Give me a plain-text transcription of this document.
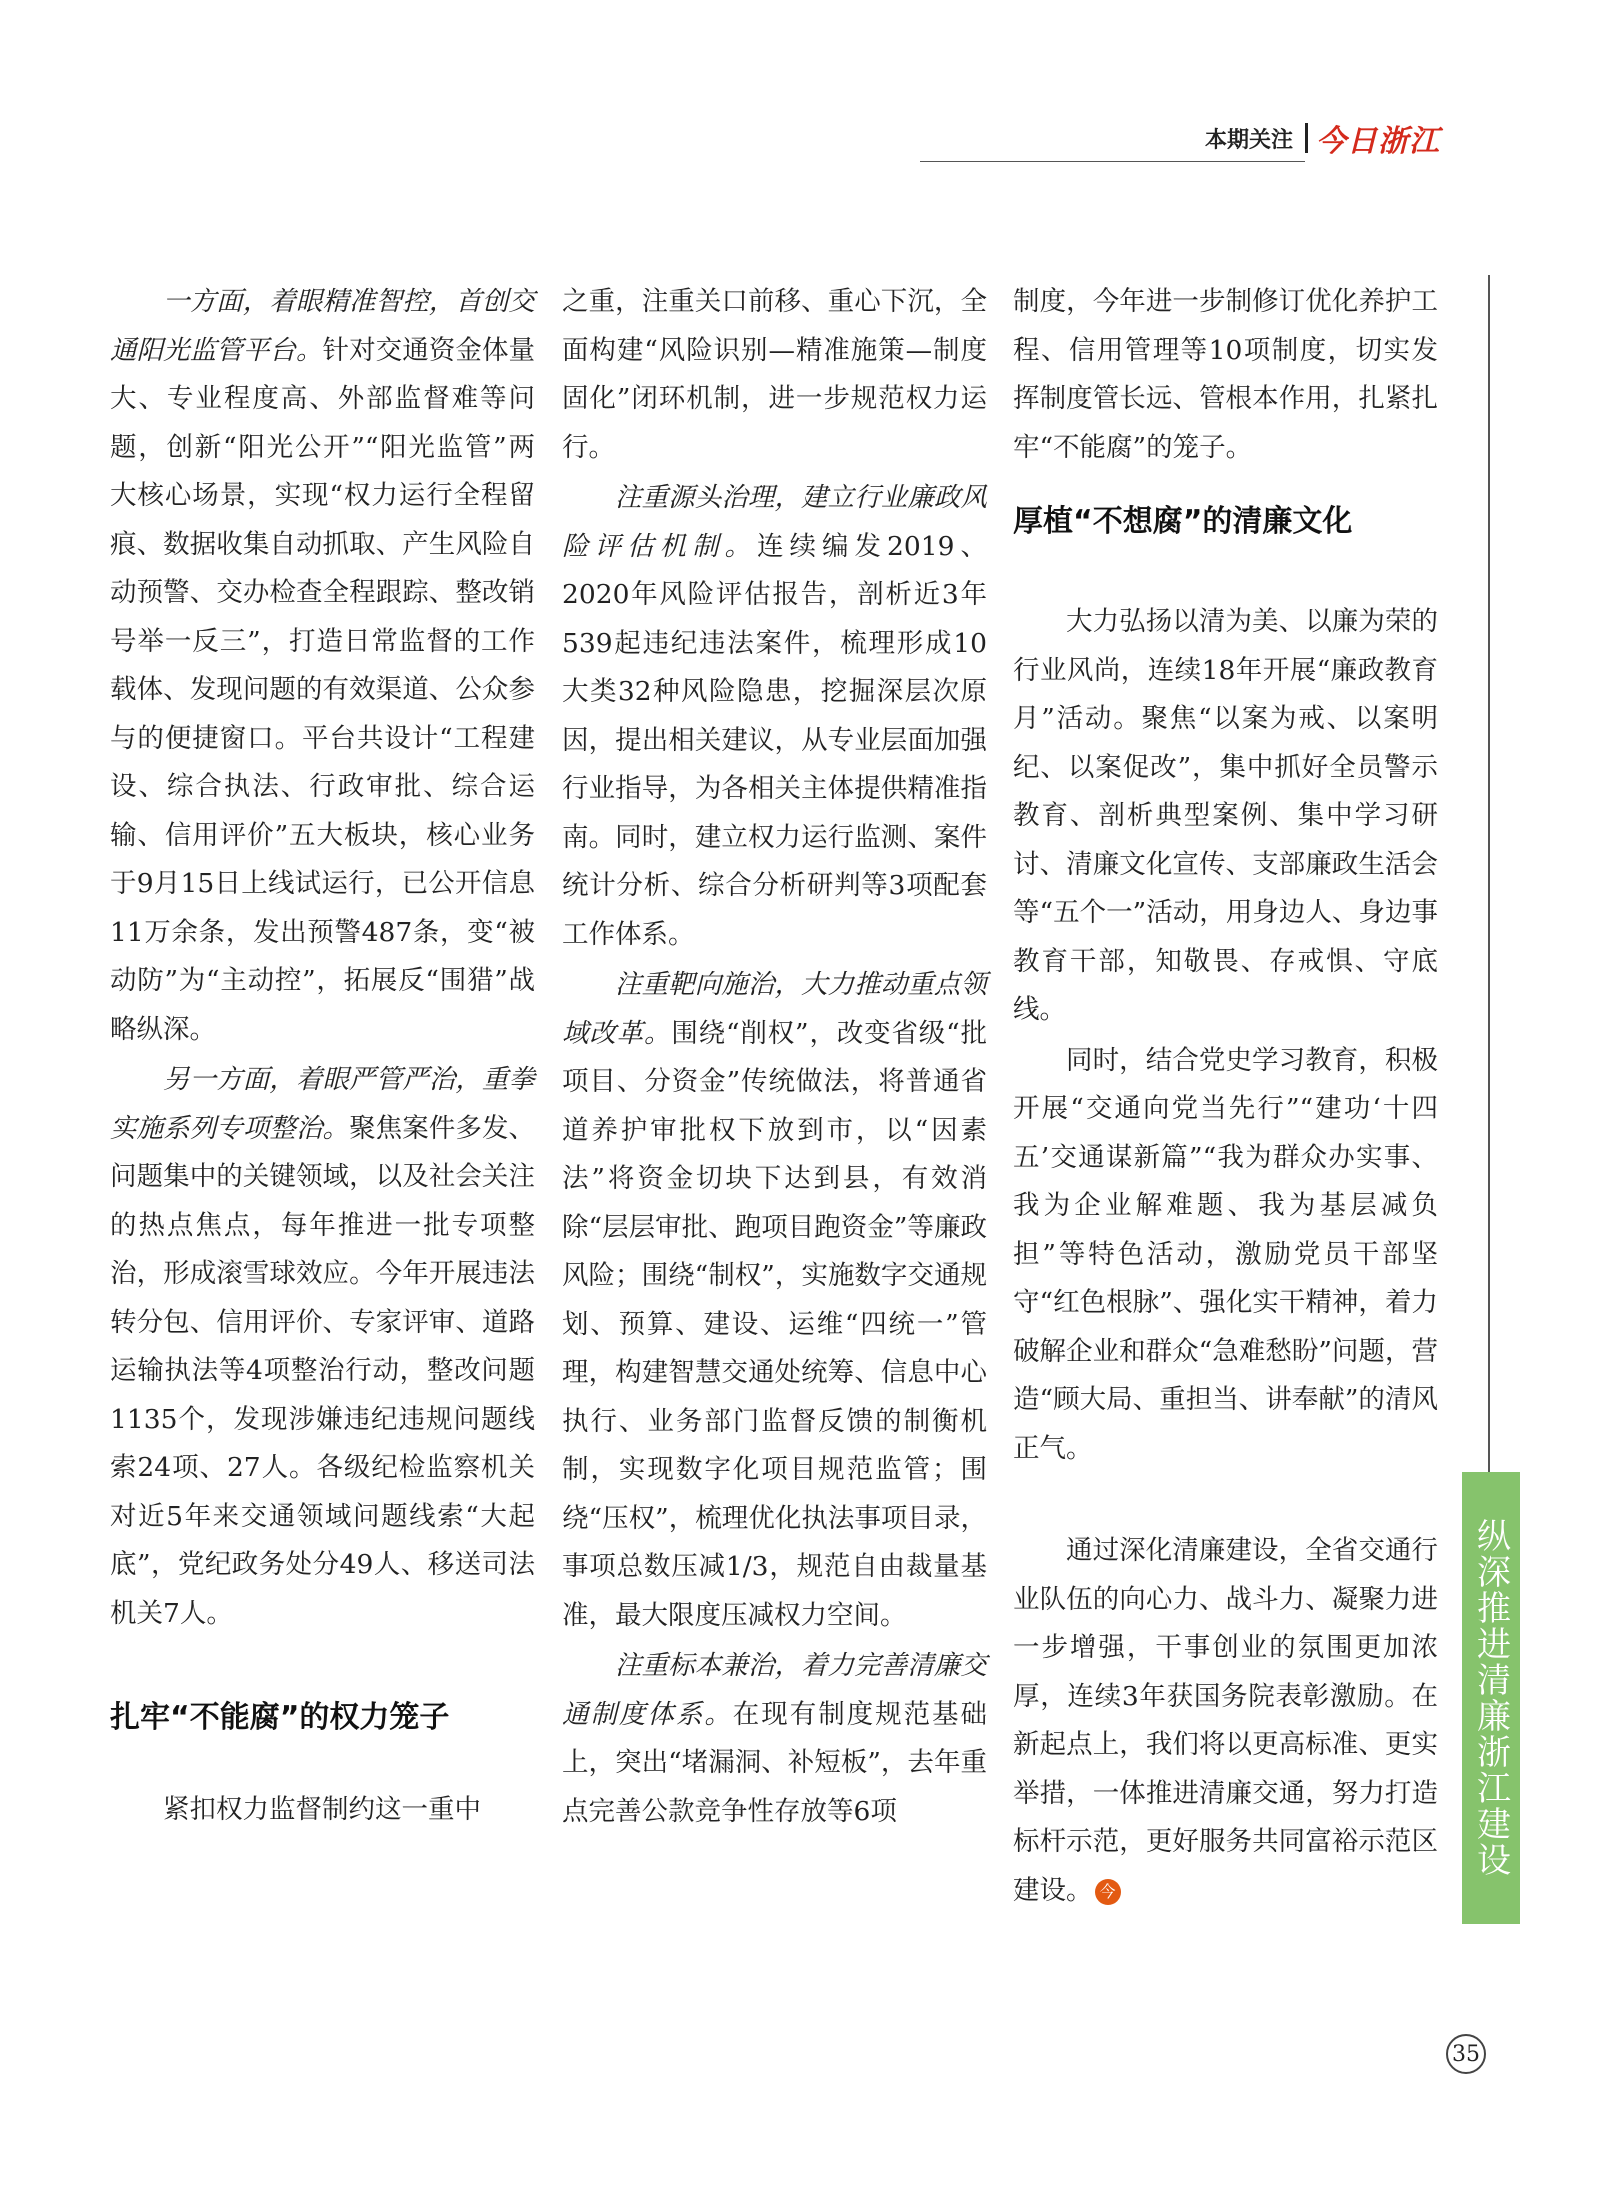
本期关注 今日浙江

一方面，着眼精准智控，首创交通阳光监管平台。针对交通资金体量大、专业程度高、外部监督难等问题，创新“阳光公开”“阳光监管”两大核心场景，实现“权力运行全程留痕、数据收集自动抓取、产生风险自动预警、交办检查全程跟踪、整改销号举一反三”，打造日常监督的工作载体、发现问题的有效渠道、公众参与的便捷窗口。平台共设计“工程建设、综合执法、行政审批、综合运输、信用评价”五大板块，核心业务于9月15日上线试运行，已公开信息11万余条，发出预警487条，变“被动防”为“主动控”，拓展反“围猎”战略纵深。

另一方面，着眼严管严治，重拳实施系列专项整治。聚焦案件多发、问题集中的关键领域，以及社会关注的热点焦点，每年推进一批专项整治，形成滚雪球效应。今年开展违法转分包、信用评价、专家评审、道路运输执法等4项整治行动，整改问题1135个，发现涉嫌违纪违规问题线索24项、27人。各级纪检监察机关对近5年来交通领域问题线索“大起底”，党纪政务处分49人、移送司法机关7人。

扎牢“不能腐”的权力笼子

紧扣权力监督制约这一重中

之重，注重关口前移、重心下沉，全面构建“风险识别—精准施策—制度固化”闭环机制，进一步规范权力运行。

注重源头治理，建立行业廉政风险评估机制。连续编发2019、2020年风险评估报告，剖析近3年539起违纪违法案件，梳理形成10大类32种风险隐患，挖掘深层次原因，提出相关建议，从专业层面加强行业指导，为各相关主体提供精准指南。同时，建立权力运行监测、案件统计分析、综合分析研判等3项配套工作体系。

注重靶向施治，大力推动重点领域改革。围绕“削权”，改变省级“批项目、分资金”传统做法，将普通省道养护审批权下放到市，以“因素法”将资金切块下达到县，有效消除“层层审批、跑项目跑资金”等廉政风险；围绕“制权”，实施数字交通规划、预算、建设、运维“四统一”管理，构建智慧交通处统筹、信息中心执行、业务部门监督反馈的制衡机制，实现数字化项目规范监管；围绕“压权”，梳理优化执法事项目录，事项总数压减1/3，规范自由裁量基准，最大限度压减权力空间。

注重标本兼治，着力完善清廉交通制度体系。在现有制度规范基础上，突出“堵漏洞、补短板”，去年重点完善公款竞争性存放等6项

制度，今年进一步制修订优化养护工程、信用管理等10项制度，切实发挥制度管长远、管根本作用，扎紧扎牢“不能腐”的笼子。

厚植“不想腐”的清廉文化

大力弘扬以清为美、以廉为荣的行业风尚，连续18年开展“廉政教育月”活动。聚焦“以案为戒、以案明纪、以案促改”，集中抓好全员警示教育、剖析典型案例、集中学习研讨、清廉文化宣传、支部廉政生活会等“五个一”活动，用身边人、身边事教育干部，知敬畏、存戒惧、守底线。

同时，结合党史学习教育，积极开展“交通向党当先行”“建功‘十四五’交通谋新篇”“我为群众办实事、我为企业解难题、我为基层减负担”等特色活动，激励党员干部坚守“红色根脉”、强化实干精神，着力破解企业和群众“急难愁盼”问题，营造“顾大局、重担当、讲奉献”的清风正气。

通过深化清廉建设，全省交通行业队伍的向心力、战斗力、凝聚力进一步增强，干事创业的氛围更加浓厚，连续3年获国务院表彰激励。在新起点上，我们将以更高标准、更实举措，一体推进清廉交通，努力打造标杆示范，更好服务共同富裕示范区建设。 今

纵深推进清廉浙江建设
35
